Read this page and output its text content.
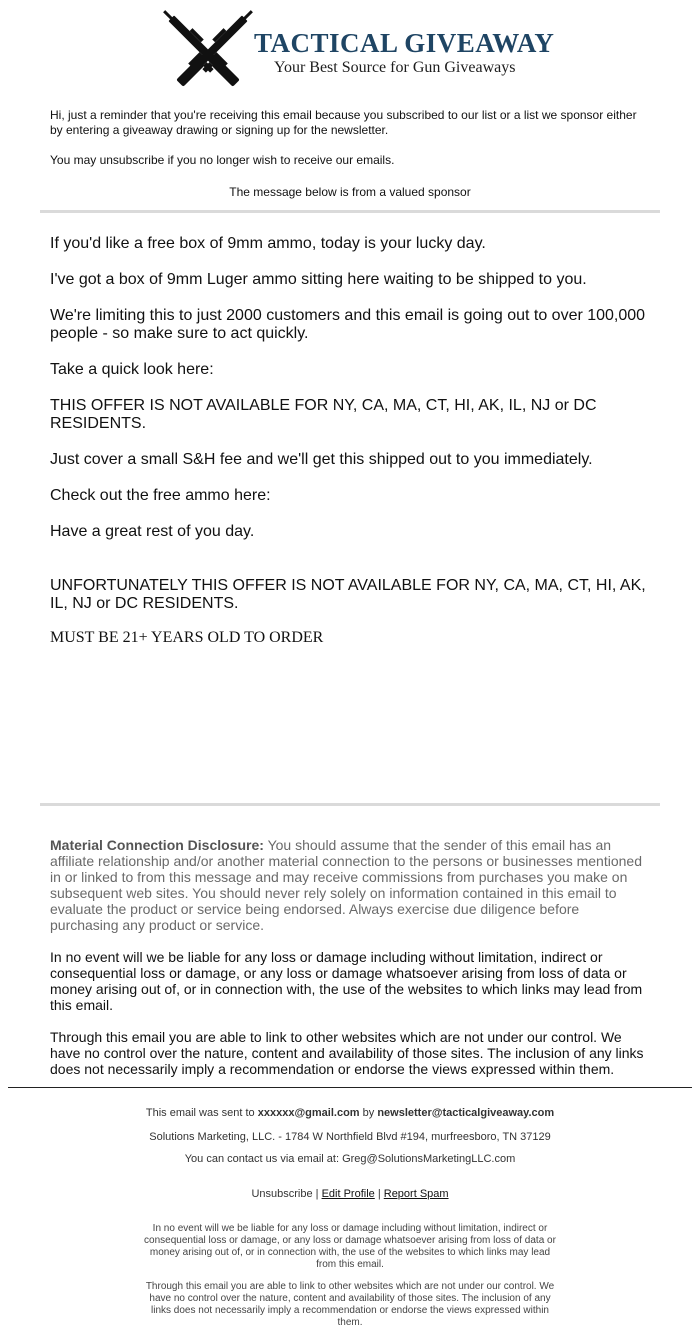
TACTICAL GIVEAWAY
Your Best Source for Gun Giveaways
Hi, just a reminder that you're receiving this email because you subscribed to our list or a list we sponsor either by entering a giveaway drawing or signing up for the newsletter.
You may unsubscribe if you no longer wish to receive our emails.
The message below is from a valued sponsor
If you'd like a free box of 9mm ammo, today is your lucky day.
I've got a box of 9mm Luger ammo sitting here waiting to be shipped to you.
We're limiting this to just 2000 customers and this email is going out to over 100,000 people - so make sure to act quickly.
Take a quick look here:
THIS OFFER IS NOT AVAILABLE FOR NY, CA, MA, CT, HI, AK, IL, NJ or DC RESIDENTS.
Just cover a small S&H fee and we'll get this shipped out to you immediately.
Check out the free ammo here:
Have a great rest of you day.
UNFORTUNATELY THIS OFFER IS NOT AVAILABLE FOR NY, CA, MA, CT, HI, AK, IL, NJ or DC RESIDENTS.
MUST BE 21+ YEARS OLD TO ORDER
Material Connection Disclosure: You should assume that the sender of this email has an affiliate relationship and/or another material connection to the persons or businesses mentioned in or linked to from this message and may receive commissions from purchases you make on subsequent web sites. You should never rely solely on information contained in this email to evaluate the product or service being endorsed. Always exercise due diligence before purchasing any product or service.
In no event will we be liable for any loss or damage including without limitation, indirect or consequential loss or damage, or any loss or damage whatsoever arising from loss of data or money arising out of, or in connection with, the use of the websites to which links may lead from this email.
Through this email you are able to link to other websites which are not under our control. We have no control over the nature, content and availability of those sites. The inclusion of any links does not necessarily imply a recommendation or endorse the views expressed within them.
This email was sent to xxxxxx@gmail.com by newsletter@tacticalgiveaway.com
Solutions Marketing, LLC. - 1784 W Northfield Blvd #194, murfreesboro, TN 37129
You can contact us via email at: Greg@SolutionsMarketingLLC.com
Unsubscribe | Edit Profile | Report Spam
In no event will we be liable for any loss or damage including without limitation, indirect or consequential loss or damage, or any loss or damage whatsoever arising from loss of data or money arising out of, or in connection with, the use of the websites to which links may lead from this email.
Through this email you are able to link to other websites which are not under our control. We have no control over the nature, content and availability of those sites. The inclusion of any links does not necessarily imply a recommendation or endorse the views expressed within them.
